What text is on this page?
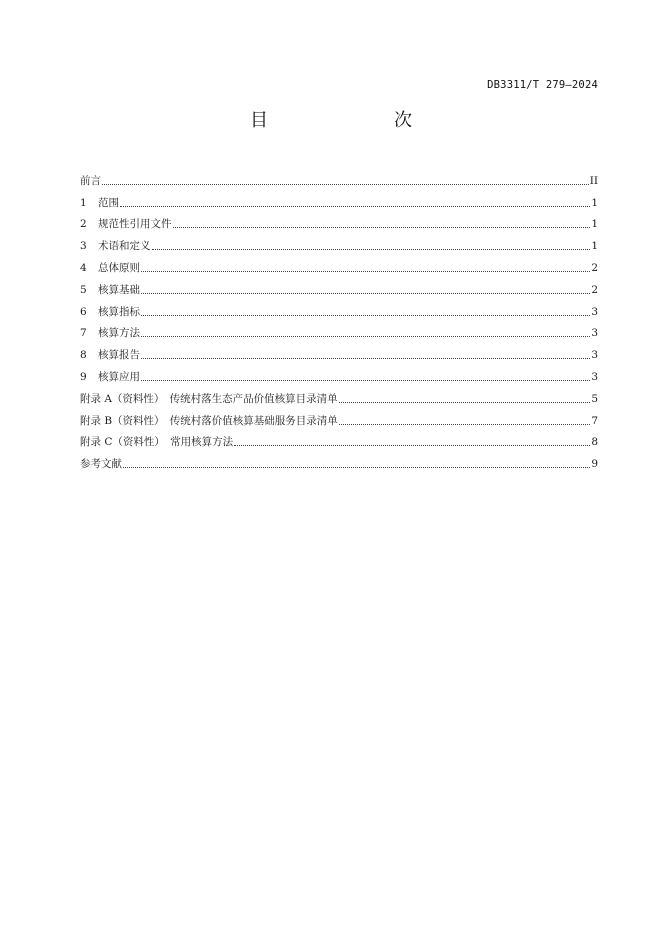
DB3311/T 279—2024
目　　次
前言	II
1	范围	1
2	规范性引用文件	1
3	术语和定义	1
4	总体原则	2
5	核算基础	2
6	核算指标	3
7	核算方法	3
8	核算报告	3
9	核算应用	3
附录 A（资料性）　传统村落生态产品价值核算目录清单	5
附录 B（资料性）　传统村落价值核算基础服务目录清单	7
附录 C（资料性）　常用核算方法	8
参考文献	9
